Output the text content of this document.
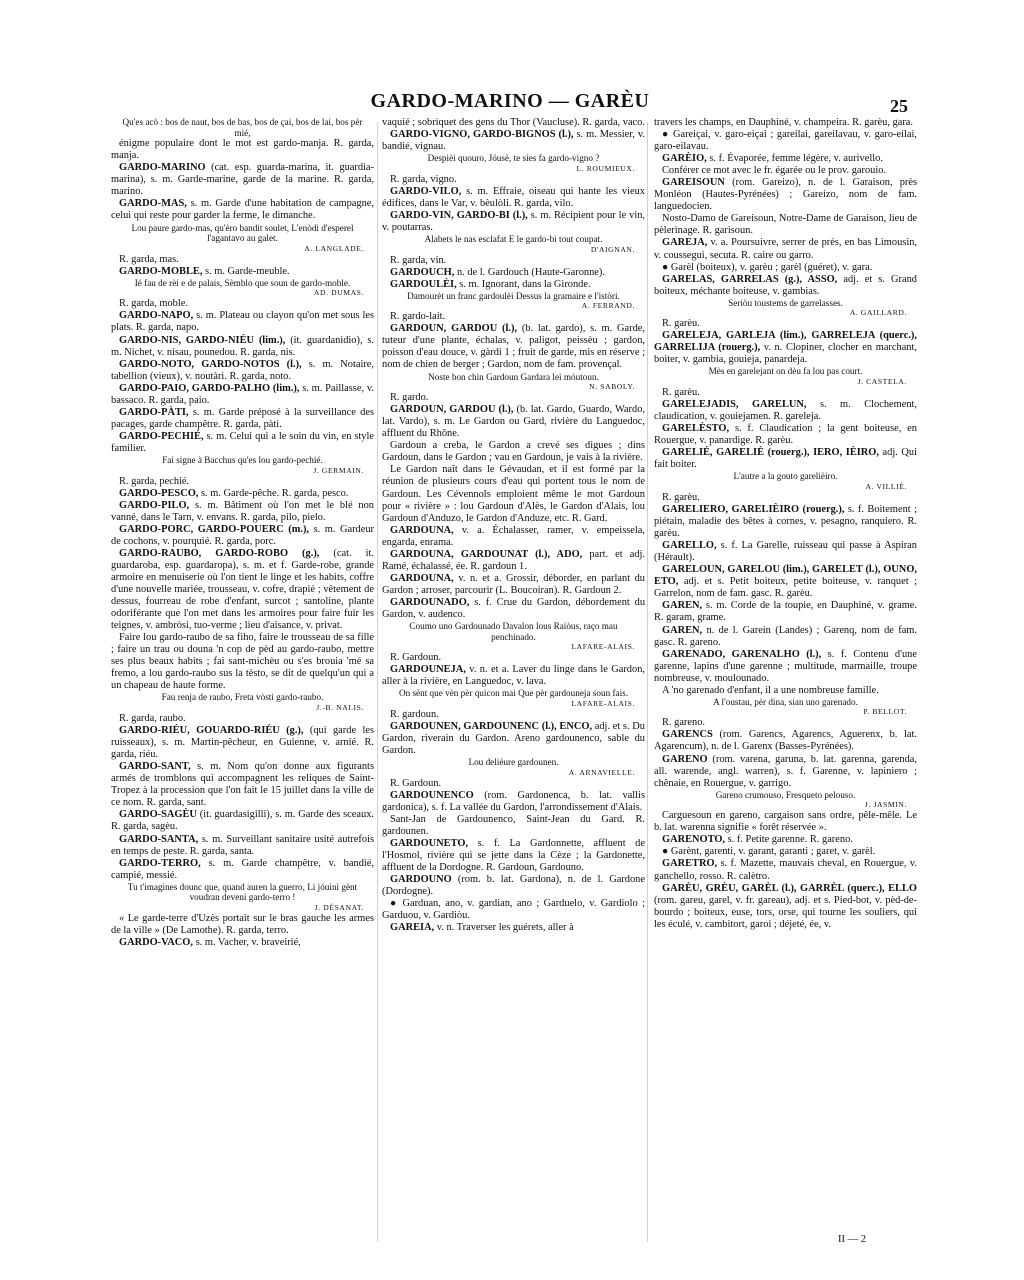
GARDO-MARINO — GARÈU	25

Qu'es acò : bos de naut, bos de bas, bos de çai, bos de lai, bos pèr mié,

énigme populaire dont le mot est gardo-manja. R. garda, manja.

GARDO-MARINO (cat. esp. guarda-marina, it. guardia-marina), s. m. Garde-marine, garde de la marine. R. garda, marino.

GARDO-MAS, s. m. Garde d'une habitation de campagne, celui qui reste pour garder la ferme, le dimanche.

Lou paure gardo-mas, qu'èro bandit soulet, L'enòdi d'esperel l'agantavo au galet.

A. LANGLADE.

R. garda, mas.

GARDO-MOBLE, s. m. Garde-meuble.

Ié fau de rèi e de palais, Sèmblo que soun de gardo-moble.

AD. DUMAS.

R. garda, moble.

GARDO-NAPO, s. m. Plateau ou clayon qu'on met sous les plats. R. garda, napo.

GARDO-NIS, GARDO-NIÉU (lim.), (it. guardanidio), s. m. Nichet, v. nisau, pounedou. R. garda, nis.

GARDO-NOTO, GARDO-NOTOS (l.), s. m. Notaire, tabellion (vieux), v. noutàri. R. garda, noto.

GARDO-PAIO, GARDO-PALHO (lim.), s. m. Paillasse, v. bassaco. R. garda, paio.

GARDO-PÀTI, s. m. Garde préposé à la surveillance des pacages, garde champêtre. R. garda, pàti.

GARDO-PECHIÉ, s. m. Celui qui a le soin du vin, en style familier.

Fai signe à Bacchus qu'es lou gardo-pechié.

J. GERMAIN.

R. garda, pechié.

GARDO-PESCO, s. m. Garde-pêche. R. garda, pesco.

GARDO-PILO, s. m. Bâtiment où l'on met le blé non vanné, dans le Tarn, v. envans. R. garda, pilo, pielo.

GARDO-PORC, GARDO-POUERC (m.), s. m. Gardeur de cochons, v. pourquié. R. garda, porc.

GARDO-RAUBO, GARDO-ROBO (g.), (cat. it. guardaroba, esp. guardaropa), s. m. et f. Garde-robe, grande armoire en menuiserie où l'on tient le linge et les habits, coffre d'une nouvelle mariée, trousseau, v. cofre, drapié ; vêtement de dessus, fourreau de robe d'enfant, surcot ; santoline, plante odoriférante que l'on met dans les armoires pour faire fuir les teignes, v. ambròsi, tuo-verme ; lieu d'aisance, v. privat.

Faire lou gardo-raubo de sa fiho, faire le trousseau de sa fille ; faire un trau ou douna 'n cop de pèd au gardo-raubo, mettre ses plus beaux habits ; fai sant-michèu ou s'es brouia 'mé sa fremo, a lou gardo-raubo sus la tèsto, se dit de quelqu'un qui a un chapeau de haute forme.

Fau renja de raubo, Freta vòsti gardo-raubo.

J.-B. NALIS.

R. garda, raubo.

GARDO-RIÉU, GOUARDO-RIÉU (g.), (qui garde les ruisseaux), s. m. Martin-pêcheur, en Guienne, v. arnié. R. garda, riéu.

GARDO-SANT, s. m. Nom qu'on donne aux figurants armés de tromblons qui accompagnent les reliques de Saint-Tropez à la procession que l'on fait le 15 juillet dans la ville de ce nom. R. garda, sant.

GARDO-SAGÈU (it. guardasigilli), s. m. Garde des sceaux. R. garda, sagèu.

GARDO-SANTA, s. m. Surveillant sanitaire usité autrefois en temps de peste. R. garda, santa.

GARDO-TERRO, s. m. Garde champêtre, v. bandié, campié, messié.

Tu t'imagines dounc que, quand auren la guerro, Li jóuini gènt voudran deveni gardo-terro !

J. DÉSANAT.

« Le garde-terre d'Uzès portait sur le bras gauche les armes de la ville » (De Lamothe). R. garda, terro.

GARDO-VACO, s. m. Vacher, v. braveirié,

vaquié ; sobriquet des gens du Thor (Vaucluse). R. garda, vaco.

GARDO-VIGNO, GARDO-BIGNOS (l.), s. m. Messier, v. bandié, vignau.

Despièi quouro, Jóusè, te sies fa gardo-vigno ?

L. ROUMIEUX.

R. garda, vigno.

GARDO-VILO, s. m. Effraie, oiseau qui hante les vieux édifices, dans le Var, v. bèulòli. R. garda, vilo.

GARDO-VIN, GARDO-BI (l.), s. m. Récipient pour le vin, v. poutarras.

Alabets le nas esclafat E le gardo-bi tout coupat.

D'AIGNAN.

R. garda, vin.

GARDOUCH, n. de l. Gardouch (Haute-Garonne).

GARDOULÈI, s. m. Ignorant, dans la Gironde.

Damourèt un franc gardoulèi Dessus la gramaire e l'istòri.

A. FERRAND.

R. gardo-lait.

GARDOUN, GARDOU (l.), (b. lat. gardo), s. m. Garde, tuteur d'une plante, échalas, v. paligot, peissèu ; gardon, poisson d'eau douce, v. gàrdi 1 ; fruit de garde, mis en réserve ; nom de chien de berger ; Gardon, nom de fam. provençal.

Noste bon chin Gardoun Gardara lei móutoun.

N. SABOLY.

R. gardo.

GARDOUN, GARDOU (l.), (b. lat. Gardo, Guardo, Wardo, lat. Vardo), s. m. Le Gardon ou Gard, rivière du Languedoc, affluent du Rhône.

Gardoun a creba, le Gardon a crevé ses digues ; dins Gardoun, dans le Gardon ; vau en Gardoun, je vais à la rivière.

Le Gardon naît dans le Gévaudan, et il est formé par la réunion de plusieurs cours d'eau qui portent tous le nom de Gardoun. Les Cévennols emploient même le mot Gardoun pour « rivière » : lou Gardoun d'Alès, le Gardon d'Alais, lou Gardoun d'Anduzo, le Gardon d'Anduze, etc. R. Gard.

GARDOUNA, v. a. Échalasser, ramer, v. empeissela, engarda, enrama.

GARDOUNA, GARDOUNAT (l.), ADO, part. et adj. Ramé, échalassé, ée. R. gardoun 1.

GARDOUNA, v. n. et a. Grossir, déborder, en parlant du Gardon ; arroser, parcourir (L. Boucoiran). R. Gardoun 2.

GARDOUNADO, s. f. Crue du Gardon, débordement du Gardon, v. audenco.

Coumo uno Gardounado Davalon lous Raiòus, raço mau penchinado.

LAFARE-ALAIS.

R. Gardoun.

GARDOUNEJA, v. n. et a. Laver du linge dans le Gardon, aller à la rivière, en Languedoc, v. lava.

On sènt que vèn pèr quicon mai Que pèr gardouneja soun fais.

LAFARE-ALAIS.

R. gardoun.

GARDOUNEN, GARDOUNENC (l.), ENCO, adj. et s. Du Gardon, riverain du Gardon. Areno gardounenco, sable du Gardon.

Lou delièure gardounen.

A. ARNAVIELLE.

R. Gardoun.

GARDOUNENCO (rom. Gardonenca, b. lat. vallis gardonica), s. f. La vallée du Gardon, l'arrondissement d'Alais.

Sant-Jan de Gardounenco, Saint-Jean du Gard. R. gardounen.

GARDOUNETO, s. f. La Gardonnette, affluent de l'Hosmol, rivière qui se jette dans la Cèze ; la Gardonette, affluent de la Dordogne. R. Gardoun, Gardouno.

GARDOUNO (rom. b. lat. Gardona), n. de l. Gardone (Dordogne).

● Garduan, ano, v. gardian, ano ; Garduelo, v. Gardiolo ; Garduou, v. Gardiòu.

GAREIA, v. n. Traverser les guérets, aller à

travers les champs, en Dauphiné, v. champeira. R. garèu, gara.

● Gareiçai, v. garo-eiçai ; gareilai, gareilavau, v. garo-eilai, garo-eilavau.

GARÈIO, s. f. Évaporée, femme légère, v. aurivello.

Conférer ce mot avec le fr. égarée ou le prov. garouio.

GAREISOUN (rom. Gareizo), n. de l. Garaison, près Monléon (Hautes-Pyrénées) ; Gareizo, nom de fam. languedocien.

Nosto-Damo de Gareisoun, Notre-Dame de Garaison, lieu de pèlerinage. R. garisoun.

GAREJA, v. a. Poursuivre, serrer de près, en bas Limousin, v. coussegui, secuta. R. caire ou garro.

● Garèl (boiteux), v. garèu ; garèl (guéret), v. gara.

GARELAS, GARRELAS (g.), ASSO, adj. et s. Grand boiteux, méchante boiteuse, v. gambias.

Seriòu toustems de garrelasses.

A. GAILLARD.

R. garèu.

GARELEJA, GARLEJA (lim.), GARRELEJA (querc.), GARRELIJA (rouerg.), v. n. Clopiner, clocher en marchant, boiter, v. gambia, gouieja, panardeja.

Mès en garelejant on dèu fa lou pas court.

J. CASTELA.

R. garèu.

GARELEJADIS, GARELUN, s. m. Clochement, claudication, v. gouiejamen. R. gareleja.

GARELÈSTO, s. f. Claudication ; la gent boiteuse, en Rouergue, v. panardige. R. garèu.

GARELIÉ, GARELIÈ (rouerg.), IERO, IÈIRO, adj. Qui fait boiter.

L'autre a la gouto garelièiro.

A. VILLIÉ.

R. garèu.

GARELIERO, GARELIÈIRO (rouerg.), s. f. Boitement ; piétain, maladie des bêtes à cornes, v. pesagno, ranquiero. R. garèu.

GARELLO, s. f. La Garelle, ruisseau qui passe à Aspiran (Hérault).

GARELOUN, GARELOU (lim.), GARELET (l.), OUNO, ETO, adj. et s. Petit boiteux, petite boiteuse, v. ranquet ; Garrelon, nom de fam. gasc. R. garèu.

GAREN, s. m. Corde de la toupie, en Dauphiné, v. grame. R. garam, grame.

GAREN, n. de l. Garein (Landes) ; Garenq, nom de fam. gasc. R. gareno.

GARENADO, GARENALHO (l.), s. f. Contenu d'une garenne, lapins d'une garenne ; multitude, marmaille, troupe nombreuse, v. moulounado.

A 'no garenado d'enfant, il a une nombreuse famille.

A l'oustau, pèr dina, sian uno garenado.

P. BELLOT.

R. gareno.

GARENCS (rom. Garencs, Agarencs, Aguerenx, b. lat. Agarencum), n. de l. Garenx (Basses-Pyrénées).

GARENO (rom. varena, garuna, b. lat. garenna, garenda, all. warende, angl. warren), s. f. Garenne, v. lapiniero ; chênaie, en Rouergue, v. garrigo.

Gareno crumouso, Fresqueto pelouso.

J. JASMIN.

Carguesoun en gareno, cargaison sans ordre, pêle-mêle. Le b. lat. warenna signifie « forêt réservée ».

GARENOTO, s. f. Petite garenne. R. gareno.

● Garènt, garenti, v. garant, garanti ; garet, v. garèl.

GARETRO, s. f. Mazette, mauvais cheval, en Rouergue, v. ganchello, rosso. R. calètro.

GARÈU, GRÈU, GARÈL (l.), GARRÈL (querc.), ELLO (rom. gareu, garel, v. fr. gareau), adj. et s. Pied-bot, v. pèd-de-bourdo ; boiteux, euse, tors, orse, qui tourne les souliers, qui les éculé, v. cambitort, garoi ; déjeté, ée, v.

II — 2
